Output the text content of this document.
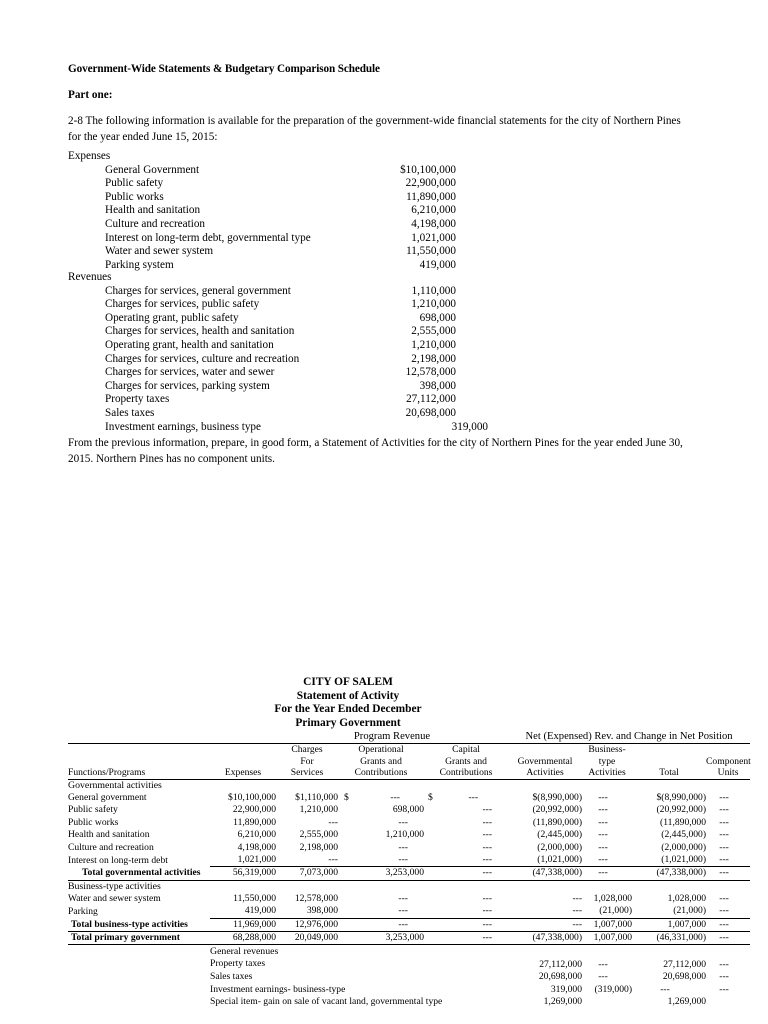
Government-Wide Statements & Budgetary Comparison Schedule
Part one:
2-8 The following information is available for the preparation of the government-wide financial statements for the city of Northern Pines for the year ended June 15, 2015:
Expenses
General Government	$10,100,000
Public safety	22,900,000
Public works	11,890,000
Health and sanitation	6,210,000
Culture and recreation	4,198,000
Interest on long-term debt, governmental type	1,021,000
Water and sewer system	11,550,000
Parking system	419,000
Revenues
Charges for services, general government	1,110,000
Charges for services, public safety	1,210,000
Operating grant, public safety	698,000
Charges for services, health and sanitation	2,555,000
Operating grant, health and sanitation	1,210,000
Charges for services, culture and recreation	2,198,000
Charges for services, water and sewer	12,578,000
Charges for services, parking system	398,000
Property taxes	27,112,000
Sales taxes	20,698,000
Investment earnings, business type	319,000
From the previous information, prepare, in good form, a Statement of Activities for the city of Northern Pines for the year ended June 30, 2015. Northern Pines has no component units.
CITY OF SALEM
Statement of Activity
For the Year Ended December
Primary Government
		Program Revenue			Net (Expensed) Rev. and Change in Net Position			
		Charges	Operational	Capital		Business-		
		For	Grants and	Grants and	Governmental	type		Component
Functions/Programs	Expenses	Services	Contributions	Contributions	Activities	Activities	Total	Units
Governmental activities								
General government	$10,100,000	$1,110,000	$ ---	$ ---	$(8,990,000)	---	$(8,990,000)	---
Public safety	22,900,000	1,210,000	698,000	---	(20,992,000)	---	(20,992,000)	---
Public works	11,890,000	---	---	---	(11,890,000)	---	(11,890,000	---
Health and sanitation	6,210,000	2,555,000	1,210,000	---	(2,445,000)	---	(2,445,000)	---
Culture and recreation	4,198,000	2,198,000	---	---	(2,000,000)	---	(2,000,000)	---
Interest on long-term debt	1,021,000	---	---	---	(1,021,000)	---	(1,021,000)	---
Total governmental activities	56,319,000	7,073,000	3,253,000	---	(47,338,000)	---	(47,338,000)	---
Business-type activities								
Water and sewer system	11,550,000	12,578,000	---	---	---	1,028,000	1,028,000	---
Parking	419,000	398,000	---	---	---	(21,000)	(21,000)	---
Total business-type activities	11,969,000	12,976,000	---	---	---	1,007,000	1,007,000	---
Total primary government	68,288,000	20,049,000	3,253,000	---	(47,338,000)	1,007,000	(46,331,000)	---
	General revenues							
	Property taxes				27,112,000	---	27,112,000	---
	Sales taxes				20,698,000	---	20,698,000	---
	Investment earnings- business-type				319,000	(319,000)	---	---
	Special item- gain on sale of vacant land, governmental type				1,269,000		1,269,000	
